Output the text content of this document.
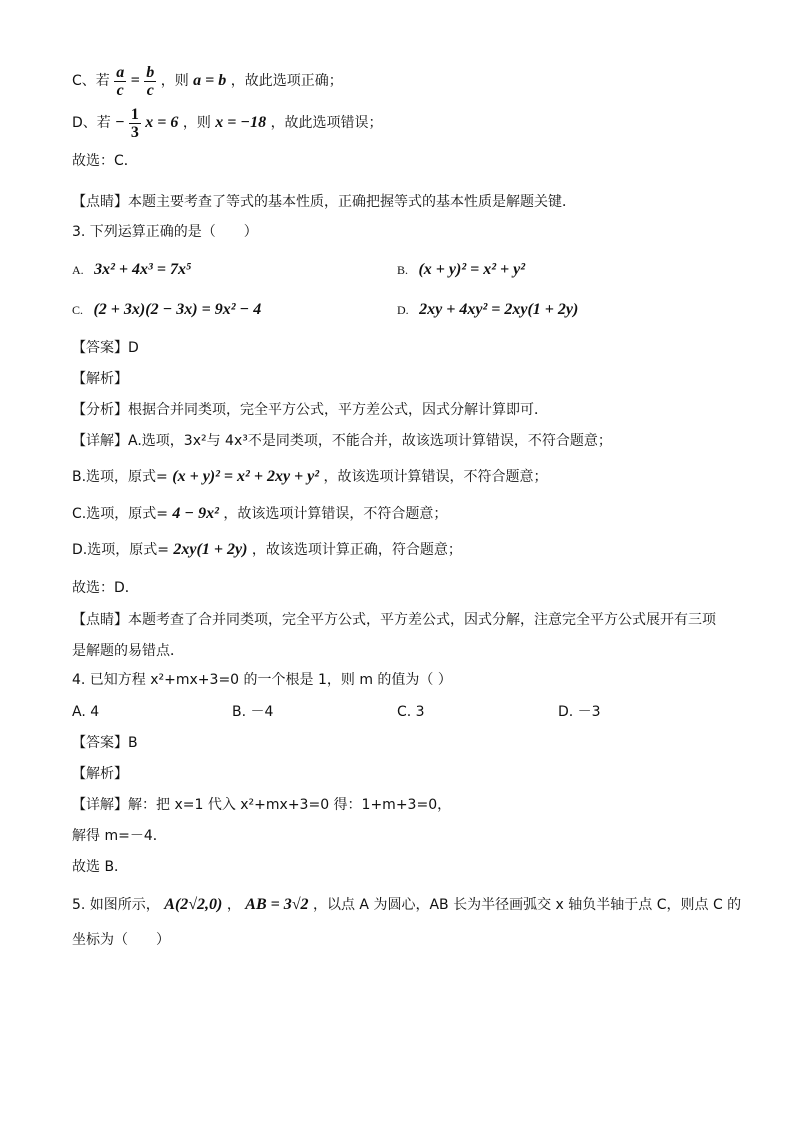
C、若 $\frac{a}{c} = \frac{b}{c}$ ，则 a = b ，故此选项正确；
D、若 − $\frac{1}{3}$ x = 6 ，则 x = −18 ，故此选项错误；
故选：C．
【点睛】本题主要考查了等式的基本性质，正确把握等式的基本性质是解题关键．
3. 下列运算正确的是（　　）
A. 3x² + 4x³ = 7x⁵	B. (x + y)² = x² + y²
C. (2 + 3x)(2 − 3x) = 9x² − 4	D. 2xy + 4xy² = 2xy(1 + 2y)
【答案】D
【解析】
【分析】根据合并同类项，完全平方公式，平方差公式，因式分解计算即可．
【详解】A.选项，3x²与 4x³不是同类项，不能合并，故该选项计算错误，不符合题意；
B.选项，原式= (x + y)² = x² + 2xy + y² ，故该选项计算错误，不符合题意；
C.选项，原式= 4 − 9x² ，故该选项计算错误，不符合题意；
D.选项，原式= 2xy(1 + 2y) ，故该选项计算正确，符合题意；
故选：D．
【点睛】本题考查了合并同类项，完全平方公式，平方差公式，因式分解，注意完全平方公式展开有三项
是解题的易错点．
4. 已知方程 x²+mx+3=0 的一个根是 1，则 m 的值为（ ）
A. 4	B. －4	C. 3	D. －3
【答案】B
【解析】
【详解】解：把 x=1 代入 x²+mx+3=0 得：1+m+3=0，
解得 m=－4．
故选 B．
5. 如图所示， A(2√2,0) ， AB = 3√2 ，以点 A 为圆心，AB 长为半径画弧交 x 轴负半轴于点 C，则点 C 的
坐标为（　　）
